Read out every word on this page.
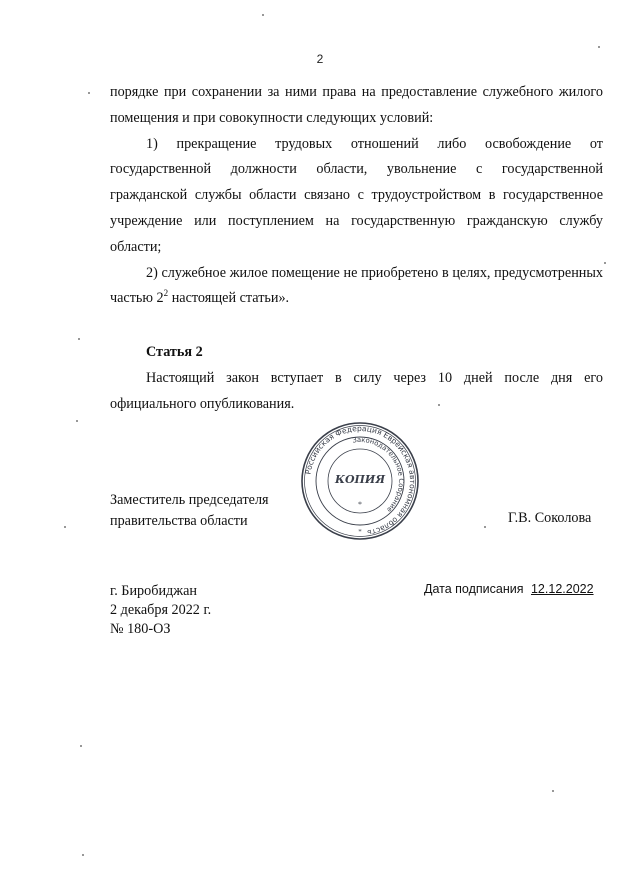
2

порядке при сохранении за ними права на предоставление служебного жилого помещения и при совокупности следующих условий:

1) прекращение трудовых отношений либо освобождение от государственной должности области, увольнение с государственной гражданской службы области связано с трудоустройством в государственное учреждение или поступлением на государственную гражданскую службу области;

2) служебное жилое помещение не приобретено в целях, предусмотренных частью $2^2$ настоящей статьи».

Статья 2

Настоящий закон вступает в силу через 10 дней после дня его официального опубликования.

Российская Федерация Еврейская автономная область
Законодательное Собрание
КОПИЯ
*
*
Заместитель председателя
правительства области	Г.В. Соколова
г. Биробиджан
2 декабря 2022 г.
№ 180-ОЗ
Дата подписания 12.12.2022
